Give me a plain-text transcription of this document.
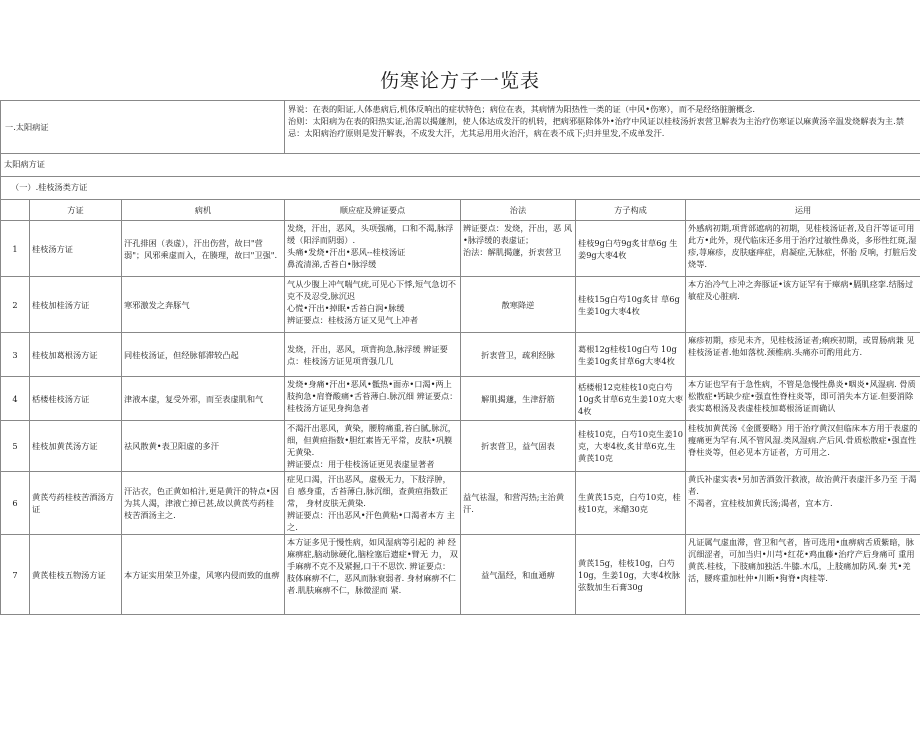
伤寒论方子一览表
一.太阳病证			界说：在表的阳证,人体患病后,机体反响出的症状特色；病位在表，其病情为阳热性一类的证（中风•伤寒），而不是经络脏腑概念.
治则：太阳病为在表的阳热实证,治需以揭蘧剂，使人体达成发汗的机转，把病邪驱除体外•治疗中风证以桂枝汤折衷营卫解表为主治疗伤寒证以麻黄汤辛温发烧解表为主.禁忌：太阳病治疗原则是发汗解表，不成发大汗，尤其忌用用火治汗，病在表不成下;归并里发,不成单发汗.			

太阳病方证						
（一）.桂枝汤类方证						
	方证	病机	顺应症及辨证要点	治法	方子构成	运用
1	桂枝汤方证	汗孔排困（表虚），汗出伤营，故曰"营弱"；风邪乘虚而入，在腠理，故曰"卫强".	发烧，汗出，恶风，头项强痛，口和不渴,脉浮缓（阳浮而阴弱）.
头痛•发烧•汗出•恶风--桂枝汤证
鼻流清涕,舌苔白•脉浮缓	辨证要点：发烧，汗出，恶 风•脉浮缓的表虚证；
治法：解肌揭蘧，折衷营卫	桂枝9g白芍9g炙甘草6g 生姜9g大枣4枚	外感病初期,项背部遮病的初期，见桂枝汤证者,及自汗等证可用此方•此外，现代临床还多用于治疗过敏性鼻炎，多形性红斑,湿疹,荨麻疹，皮肤瘙痒症，肩凝症,无脉症，怀胎 反响，打脏后发烧等.
2	桂枝加桂汤方证	寒邪激发之奔豚气	气从少腹上冲气喘气疣,可见心下悸,短气急切不克不及忍受,脉沉迟
心慌•汗出•掉眠•舌苔白润•脉缓
辨证要点：桂枝汤方证又见气上冲者	散寒降逆	桂枝15g白芍10g炙甘 草6g生姜10g大枣4枚	本方治冷气上冲之奔豚证•该方证罕有于瘴病•膈肌痉挛.结肠过敏症及心脏病.
3	桂枝加葛根汤方证	同桂枝汤证，但经脉郁滞较凸起	发烧，汗出，恶风，项背拘急,脉浮缓 辨证要点：桂枝汤方证见项背强几几	折衷营卫，疏利经脉	葛根12g桂枝10g白芍 10g生姜10g炙甘草6g大枣4枚	麻疹初期，疹见未齐，见桂枝汤证者;痢疾初期，或胃肠病兼 见桂枝汤证者.他如落枕.颈椎病.头痛亦可酌用此方.
4	栝楼桂枝汤方证	津液本虚，复受外邪，而至表虚肌和气	发烧•身痛•汗出•恶风•骶热•面赤•口渴•两上 肢拘急•肩脊酸痛•舌苔薄白.脉沉细 辨证要点：桂枝汤方证见身拘急者	解肌揭蘧，生津舒筋	栝楼根12克桂枝10克白芍10g炙甘草6克生姜10克大枣4枚	本方证也罕有于急性病，不管是急慢性鼻炎•咽炎•风湿病. 骨质松散症•钙缺少症•强直性脊柱炎等，即可消失本方证.但要消除表实葛根汤及表虚桂枝加葛根汤证而确认
5	桂枝加黄芪汤方证	祛风散黄•表卫阳虚的多汗	不渴汗出恶风，黄染，腰胯痛重,苔白腻,脉沉，细，但黄疸指数•胆红素皆无平常，皮肤•巩膜 无黄染.
辨证要点：用于桂枝汤证更见表虚显著者	折衷营卫，益气固表	桂枝10克，白芍10克生姜10克，大枣4枚,炙甘草6克,生黄芪10克	桂枝加黄芪汤《金匮要略》用于治疗黄汉但临床本方用于表虚的瘦痛更为罕有.风不管风湿.类风湿病.产后风.骨质松散症•强直性脊柱炎等，但必见本方证者，方可用之.
6	黄芪芍药桂枝苦酒汤方证	汗沾衣，色正黄如柏汁,更是黄汗的特点•因为其人渴，津液亡掉已甚,故以黄芪芍药桂枝苦酒汤主之.	症见口渴，汗出恶风，虚极无力，下肢浮肿，自 感身重，舌苔薄白,脉沉细，查黄疸指数正常， 身材皮肤无黄染.
辨证要点：汗出恶风•汗色黄粘•口渴者本方 主之.	益气祛湿，和营泻热;主治黄汗.	生黄芪15克，白芍10克，桂枝10克，米醋30克	黄氏补虚实表•另加苦酒敛汗救液，故治黄汗表虚汗多乃至 于渴者.
不渴者，宜桂枝加黄氏汤;渴者，宜本方.
7	黄芪桂枝五物汤方证	本方证实用荣卫外虚，风寒内侵而致的血痹	本方证多见于慢性病，如风湿病等引起的 神 经麻痹症,脑动脉硬化,脑栓塞后遗症•臂无 力， 双手麻痹不克不及紧握,口干不思饮. 辨证要点：肢体麻痹不仁，恶风而脉衰弱者. 身材麻痹不仁者.肌肤麻痹不仁，脉微涩而 紧.	益气温经，和血通痹	黄芪15g，桂枝10g，白芍10g，生姜10g，大枣4枚脉弦数加生石膏30g	凡证属气虚血滞，营卫和气者，皆可选用•血痹病舌质紫暗，脉沉细涩者，可加当归•川芎•红花•鸡血藤•治疗产后身痛可 重用黄芪.桂枝，下肢痛加独活.牛膝.木瓜，上肢痛加防风.秦 艽•羌活，腰疼重加杜仲•川断•狗脊•肉桂等.
